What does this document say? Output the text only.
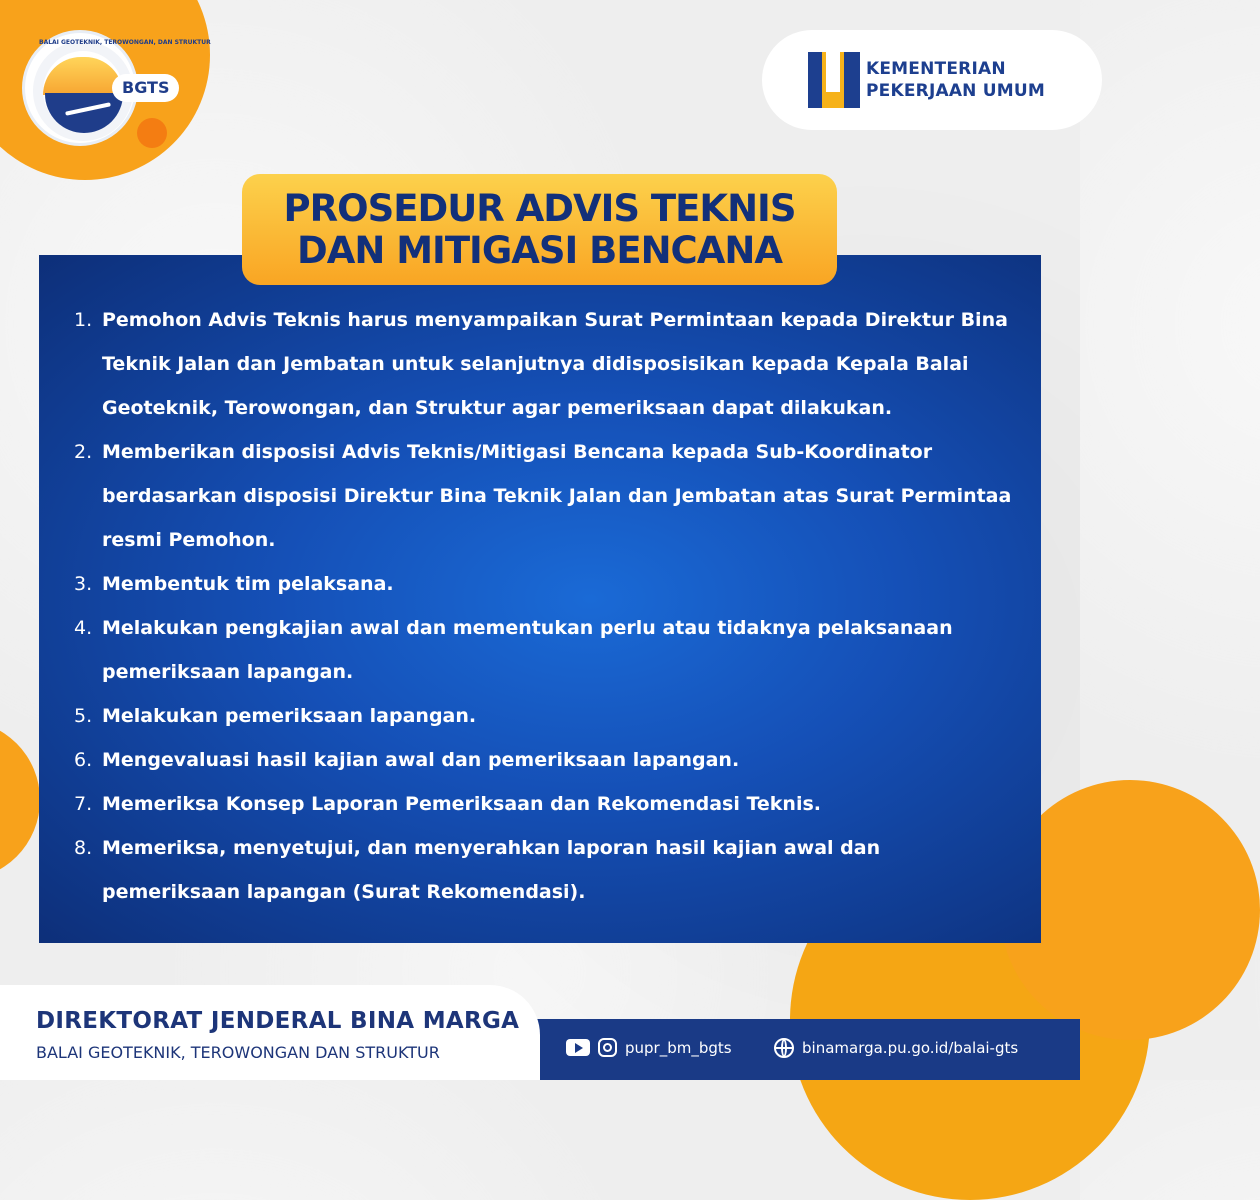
BALAI GEOTEKNIK, TEROWONGAN, DAN STRUKTUR
BGTS
KEMENTERIAN
PEKERJAAN UMUM
PROSEDUR ADVIS TEKNIS
DAN MITIGASI BENCANA
1. Pemohon Advis Teknis harus menyampaikan Surat Permintaan kepada Direktur Bina Teknik Jalan dan Jembatan untuk selanjutnya didisposisikan kepada Kepala Balai Geoteknik, Terowongan, dan Struktur agar pemeriksaan dapat dilakukan.
2. Memberikan disposisi Advis Teknis/Mitigasi Bencana kepada Sub-Koordinator berdasarkan disposisi Direktur Bina Teknik Jalan dan Jembatan atas Surat Permintaa resmi Pemohon.
3. Membentuk tim pelaksana.
4. Melakukan pengkajian awal dan mementukan perlu atau tidaknya pelaksanaan pemeriksaan lapangan.
5. Melakukan pemeriksaan lapangan.
6. Mengevaluasi hasil kajian awal dan pemeriksaan lapangan.
7. Memeriksa Konsep Laporan Pemeriksaan dan Rekomendasi Teknis.
8. Memeriksa, menyetujui, dan menyerahkan laporan hasil kajian awal dan pemeriksaan lapangan (Surat Rekomendasi).
DIREKTORAT JENDERAL BINA MARGA
BALAI GEOTEKNIK, TEROWONGAN DAN STRUKTUR	pupr_bm_bgts	binamarga.pu.go.id/balai-gts
